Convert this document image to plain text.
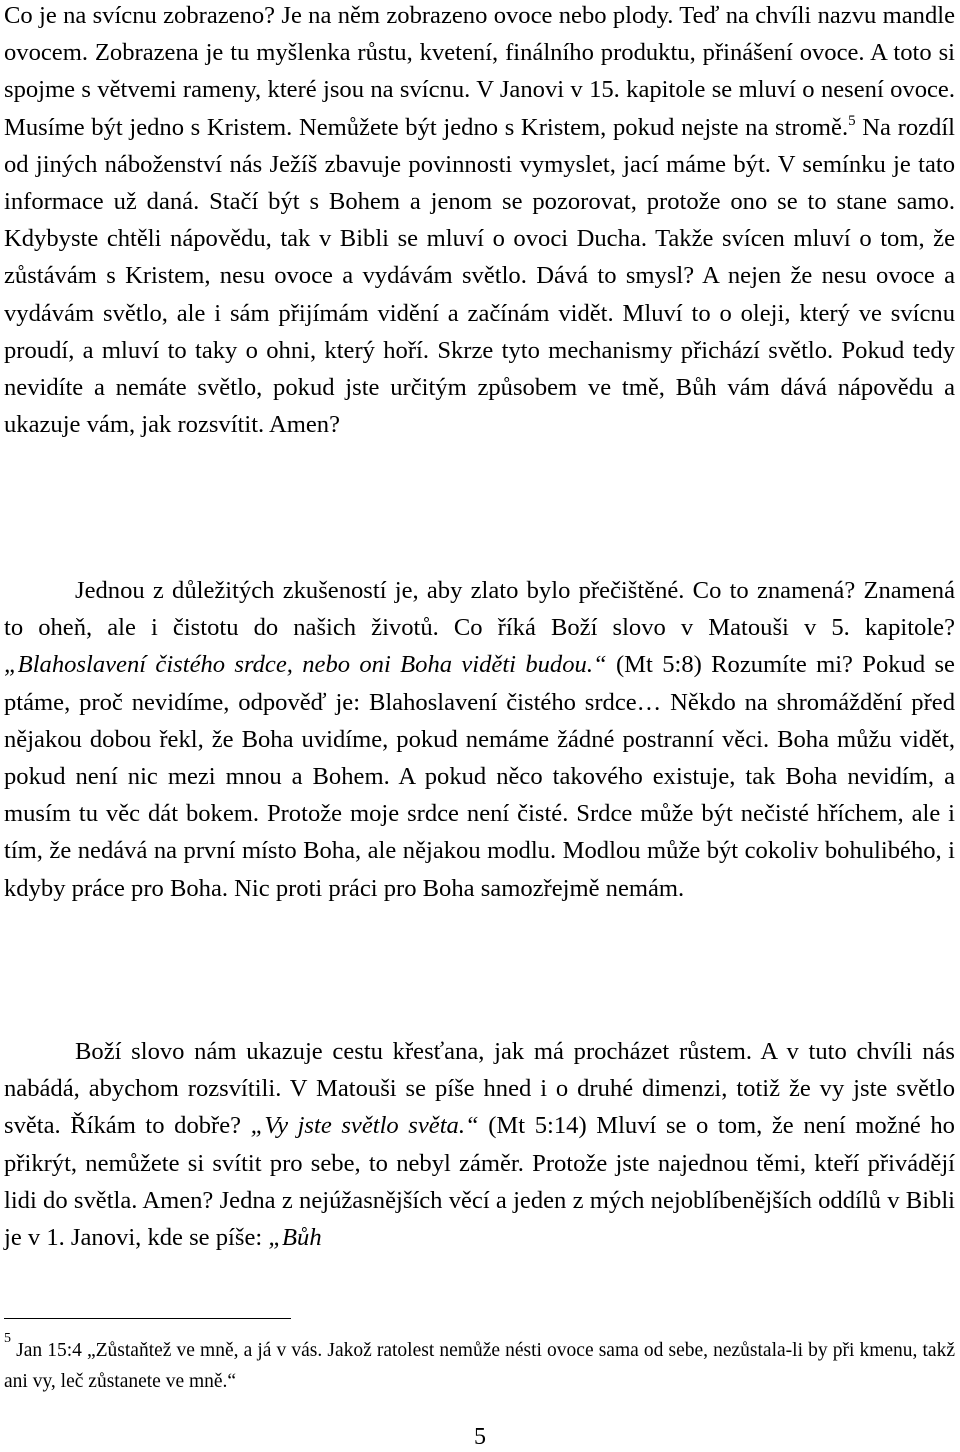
Co je na svícnu zobrazeno? Je na něm zobrazeno ovoce nebo plody. Teď na chvíli nazvu mandle ovocem. Zobrazena je tu myšlenka růstu, kvetení, finálního produktu, přinášení ovoce. A toto si spojme s větvemi rameny, které jsou na svícnu. V Janovi v 15. kapitole se mluví o nesení ovoce. Musíme být jedno s Kristem. Nemůžete být jedno s Kristem, pokud nejste na stromě.$^5$ Na rozdíl od jiných náboženství nás Ježíš zbavuje povinnosti vymyslet, jací máme být. V semínku je tato informace už daná. Stačí být s Bohem a jenom se pozorovat, protože ono se to stane samo. Kdybyste chtěli nápovědu, tak v Bibli se mluví o ovoci Ducha. Takže svícen mluví o tom, že zůstávám s Kristem, nesu ovoce a vydávám světlo. Dává to smysl? A nejen že nesu ovoce a vydávám světlo, ale i sám přijímám vidění a začínám vidět. Mluví to o oleji, který ve svícnu proudí, a mluví to taky o ohni, který hoří. Skrze tyto mechanismy přichází světlo. Pokud tedy nevidíte a nemáte světlo, pokud jste určitým způsobem ve tmě, Bůh vám dává nápovědu a ukazuje vám, jak rozsvítit. Amen?

Jednou z důležitých zkušeností je, aby zlato bylo přečištěné. Co to znamená? Znamená to oheň, ale i čistotu do našich životů. Co říká Boží slovo v Matouši v 5. kapitole? „Blahoslavení čistého srdce, nebo oni Boha viděti budou.“ (Mt 5:8) Rozumíte mi? Pokud se ptáme, proč nevidíme, odpověď je: Blahoslavení čistého srdce… Někdo na shromáždění před nějakou dobou řekl, že Boha uvidíme, pokud nemáme žádné postranní věci. Boha můžu vidět, pokud není nic mezi mnou a Bohem. A pokud něco takového existuje, tak Boha nevidím, a musím tu věc dát bokem. Protože moje srdce není čisté. Srdce může být nečisté hříchem, ale i tím, že nedává na první místo Boha, ale nějakou modlu. Modlou může být cokoliv bohulibého, i kdyby práce pro Boha. Nic proti práci pro Boha samozřejmě nemám.

Boží slovo nám ukazuje cestu křesťana, jak má procházet růstem. A v tuto chvíli nás nabádá, abychom rozsvítili. V Matouši se píše hned i o druhé dimenzi, totiž že vy jste světlo světa. Říkám to dobře? „Vy jste světlo světa.“ (Mt 5:14) Mluví se o tom, že není možné ho přikrýt, nemůžete si svítit pro sebe, to nebyl záměr. Protože jste najednou těmi, kteří přivádějí lidi do světla. Amen? Jedna z nejúžasnějších věcí a jeden z mých nejoblíbenějších oddílů v Bibli je v 1. Janovi, kde se píše: „Bůh

$^5$ Jan 15:4 „Zůstaňtež ve mně, a já v vás. Jakož ratolest nemůže nésti ovoce sama od sebe, nezůstala-li by při kmenu, takž ani vy, leč zůstanete ve mně.“

5
